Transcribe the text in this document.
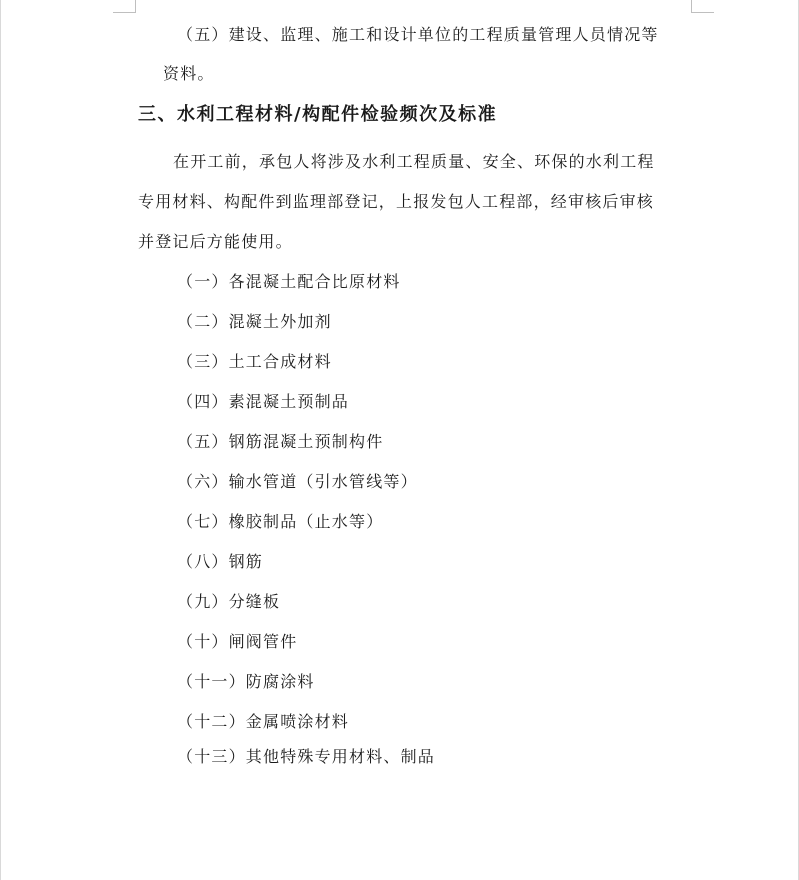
（五）建设、监理、施工和设计单位的工程质量管理人员情况等
资料。
三、水利工程材料/构配件检验频次及标准
在开工前，承包人将涉及水利工程质量、安全、环保的水利工程
专用材料、构配件到监理部登记，上报发包人工程部，经审核后审核
并登记后方能使用。
（一）各混凝土配合比原材料
（二）混凝土外加剂
（三）土工合成材料
（四）素混凝土预制品
（五）钢筋混凝土预制构件
（六）输水管道（引水管线等）
（七）橡胶制品（止水等）
（八）钢筋
（九）分缝板
（十）闸阀管件
（十一）防腐涂料
（十二）金属喷涂材料
（十三）其他特殊专用材料、制品
